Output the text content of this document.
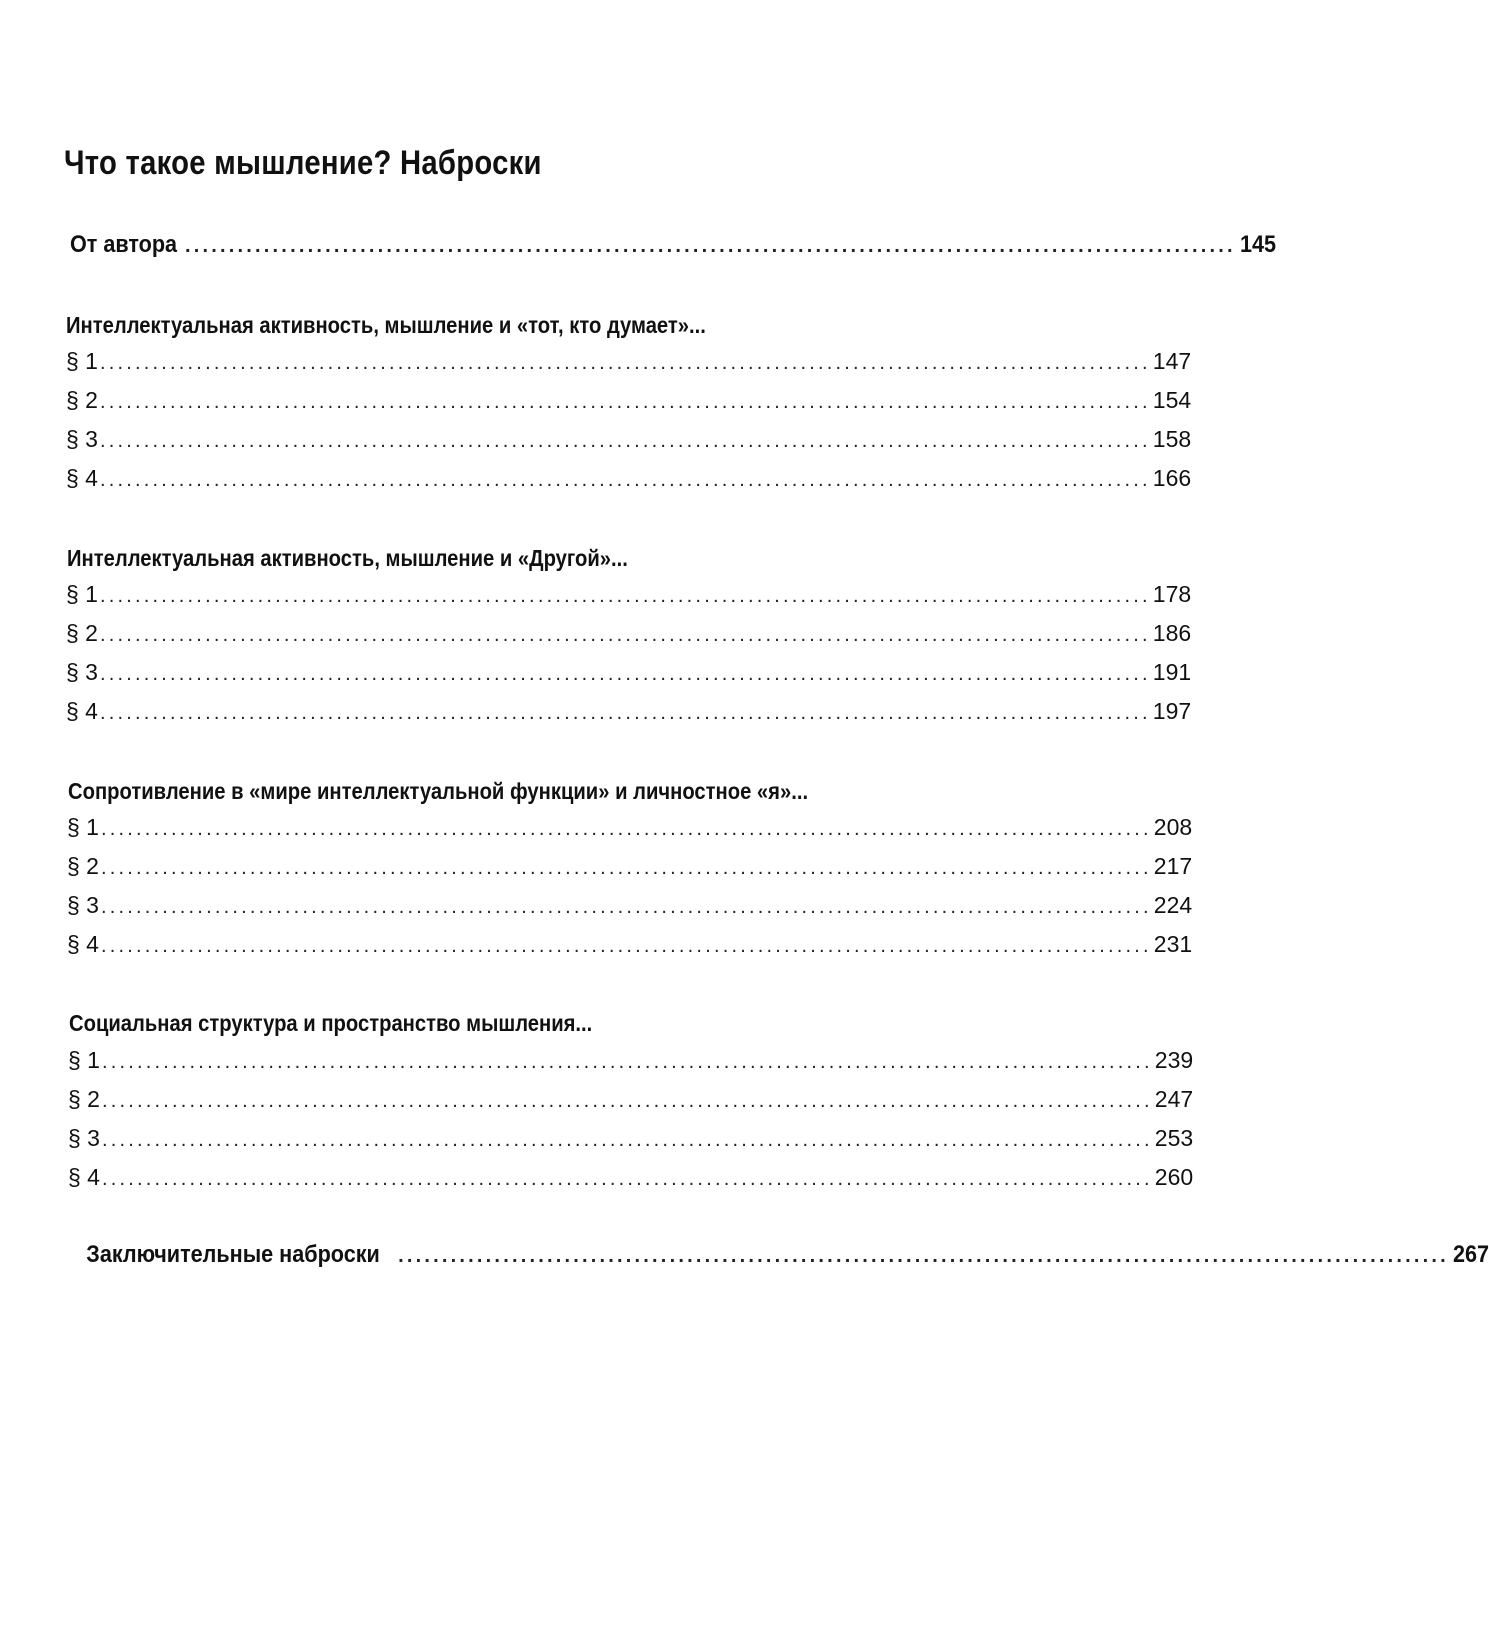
Что такое мышление? Наброски
От автора ........................................................................................................................ 145
Интеллектуальная активность, мышление и «тот, кто думает»...
§ 1 ........................................................................................................................ 147
§ 2 ........................................................................................................................ 154
§ 3 ........................................................................................................................ 158
§ 4 ........................................................................................................................ 166
Интеллектуальная активность, мышление и «Другой»...
§ 1 ........................................................................................................................ 178
§ 2 ........................................................................................................................ 186
§ 3 ........................................................................................................................ 191
§ 4 ........................................................................................................................ 197
Сопротивление в «мире интеллектуальной функции» и личностное «я»...
§ 1 ........................................................................................................................ 208
§ 2 ........................................................................................................................ 217
§ 3 ........................................................................................................................ 224
§ 4 ........................................................................................................................ 231
Социальная структура и пространство мышления...
§ 1 ........................................................................................................................ 239
§ 2 ........................................................................................................................ 247
§ 3 ........................................................................................................................ 253
§ 4 ........................................................................................................................ 260
Заключительные наброски ........................................................................................................................ 267
